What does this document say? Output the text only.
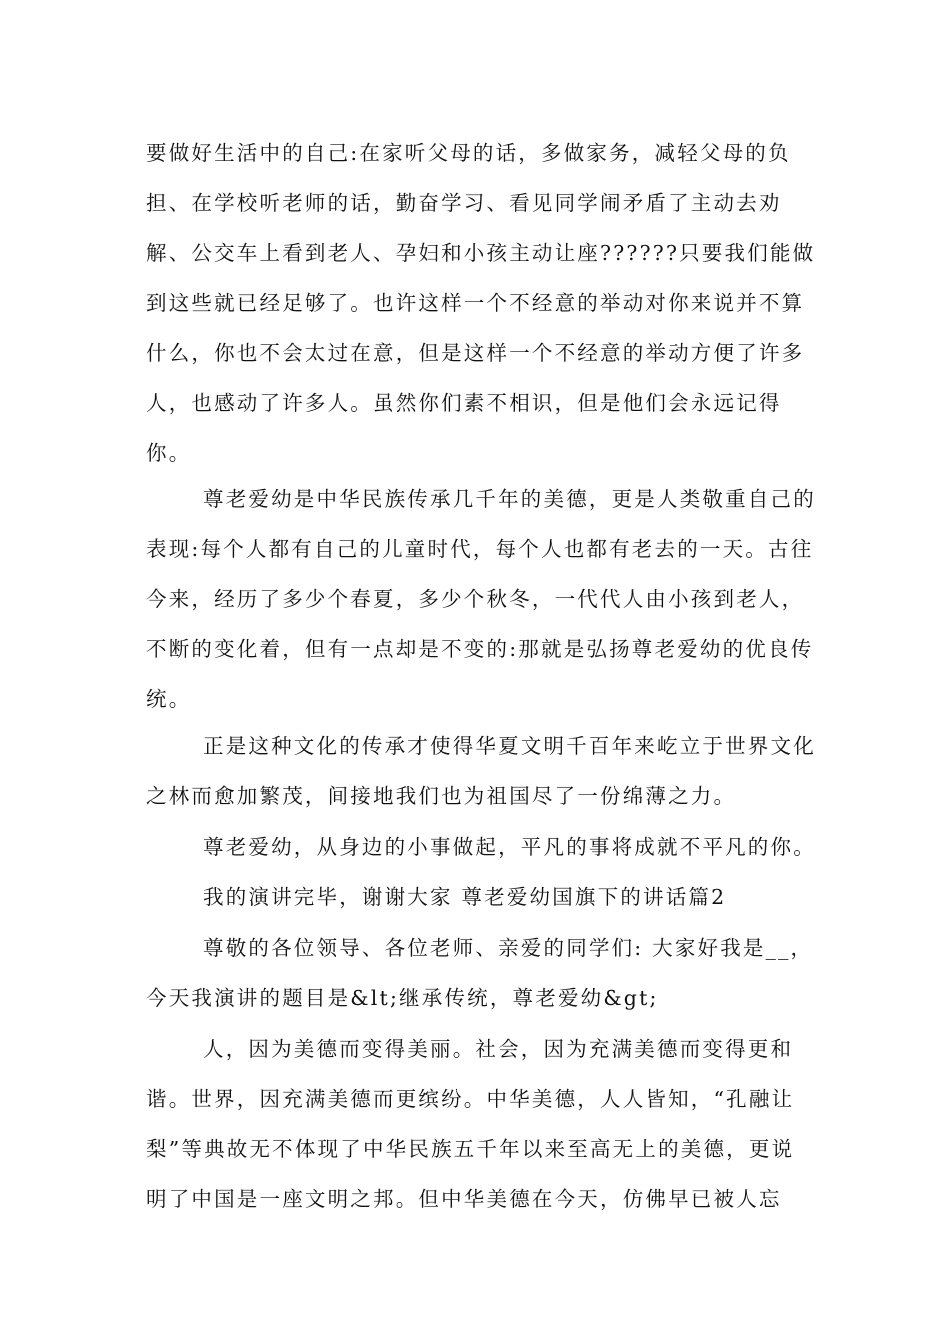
要做好生活中的自己:在家听父母的话，多做家务，减轻父母的负
担、在学校听老师的话，勤奋学习、看见同学闹矛盾了主动去劝
解、公交车上看到老人、孕妇和小孩主动让座??????只要我们能做
到这些就已经足够了。也许这样一个不经意的举动对你来说并不算
什么，你也不会太过在意，但是这样一个不经意的举动方便了许多
人，也感动了许多人。虽然你们素不相识，但是他们会永远记得
你。
尊老爱幼是中华民族传承几千年的美德，更是人类敬重自己的
表现:每个人都有自己的儿童时代，每个人也都有老去的一天。古往
今来，经历了多少个春夏，多少个秋冬，一代代人由小孩到老人，
不断的变化着，但有一点却是不变的:那就是弘扬尊老爱幼的优良传
统。
正是这种文化的传承才使得华夏文明千百年来屹立于世界文化
之林而愈加繁茂，间接地我们也为祖国尽了一份绵薄之力。
尊老爱幼，从身边的小事做起，平凡的事将成就不平凡的你。
我的演讲完毕，谢谢大家 尊老爱幼国旗下的讲话篇2
尊敬的各位领导、各位老师、亲爱的同学们: 大家好我是__，
今天我演讲的题目是&lt;继承传统，尊老爱幼&gt;
人，因为美德而变得美丽。社会，因为充满美德而变得更和
谐。世界，因充满美德而更缤纷。中华美德，人人皆知，“孔融让
梨”等典故无不体现了中华民族五千年以来至高无上的美德，更说
明了中国是一座文明之邦。但中华美德在今天，仿佛早已被人忘
